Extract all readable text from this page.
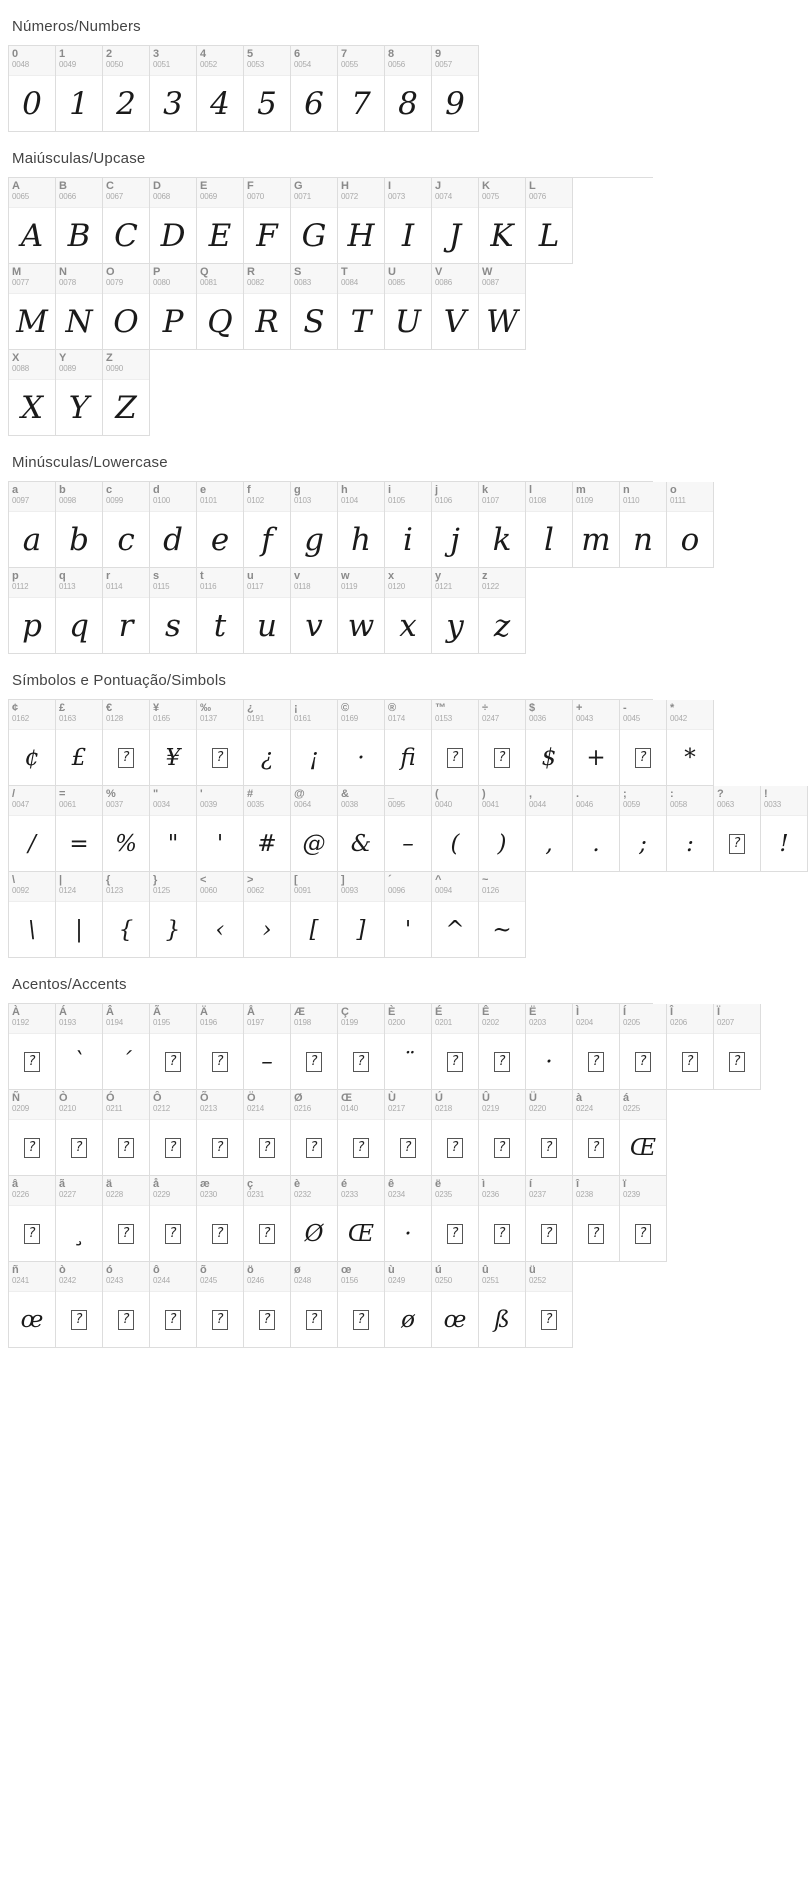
Números/Numbers
0
0048
0
1
0049
1
2
0050
2
3
0051
3
4
0052
4
5
0053
5
6
0054
6
7
0055
7
8
0056
8
9
0057
9
Maiúsculas/Upcase
A
0065
A
B
0066
B
C
0067
C
D
0068
D
E
0069
E
F
0070
F
G
0071
G
H
0072
H
I
0073
I
J
0074
J
K
0075
K
L
0076
L
M
0077
M
N
0078
N
O
0079
O
P
0080
P
Q
0081
Q
R
0082
R
S
0083
S
T
0084
T
U
0085
U
V
0086
V
W
0087
W
X
0088
X
Y
0089
Y
Z
0090
Z
Minúsculas/Lowercase
a
0097
a
b
0098
b
c
0099
c
d
0100
d
e
0101
e
f
0102
f
g
0103
g
h
0104
h
i
0105
i
j
0106
j
k
0107
k
l
0108
l
m
0109
m
n
0110
n
o
0111
o
p
0112
p
q
0113
q
r
0114
r
s
0115
s
t
0116
t
u
0117
u
v
0118
v
w
0119
w
x
0120
x
y
0121
y
z
0122
z
Símbolos e Pontuação/Simbols
¢
0162
¢
£
0163
£
€
0128
?
¥
0165
¥
‰
0137
?
¿
0191
¿
¡
0161
¡
©
0169
·
®
0174
fi
™
0153
?
÷
0247
?
$
0036
$
+
0043
+
-
0045
?
*
0042
*
/
0047
/
=
0061
=
%
0037
%
"
0034
"
'
0039
'
#
0035
#
@
0064
@
&
0038
&
_
0095
–
(
0040
(
)
0041
)
,
0044
,
.
0046
.
;
0059
;
:
0058
:
?
0063
?
!
0033
!
\
0092
\
|
0124
|
{
0123
{
}
0125
}
<
0060
‹
>
0062
›
[
0091
[
]
0093
]
´
0096
'
^
0094
^
~
0126
~
Acentos/Accents
À
0192
?
Á
0193
`
Â
0194
´
Ã
0195
?
Ä
0196
?
Å
0197
–
Æ
0198
?
Ç
0199
?
È
0200
¨
É
0201
?
Ê
0202
?
Ë
0203
·
Ì
0204
?
Í
0205
?
Î
0206
?
Ï
0207
?
Ñ
0209
?
Ò
0210
?
Ó
0211
?
Ô
0212
?
Õ
0213
?
Ö
0214
?
Ø
0216
?
Œ
0140
?
Ù
0217
?
Ú
0218
?
Û
0219
?
Ü
0220
?
à
0224
?
á
0225
Œ
â
0226
?
ã
0227
¸
ä
0228
?
å
0229
?
æ
0230
?
ç
0231
?
è
0232
Ø
é
0233
Œ
ê
0234
·
ë
0235
?
ì
0236
?
í
0237
?
î
0238
?
ï
0239
?
ñ
0241
œ
ò
0242
?
ó
0243
?
ô
0244
?
õ
0245
?
ö
0246
?
ø
0248
?
œ
0156
?
ù
0249
ø
ú
0250
œ
û
0251
ß
ü
0252
?
